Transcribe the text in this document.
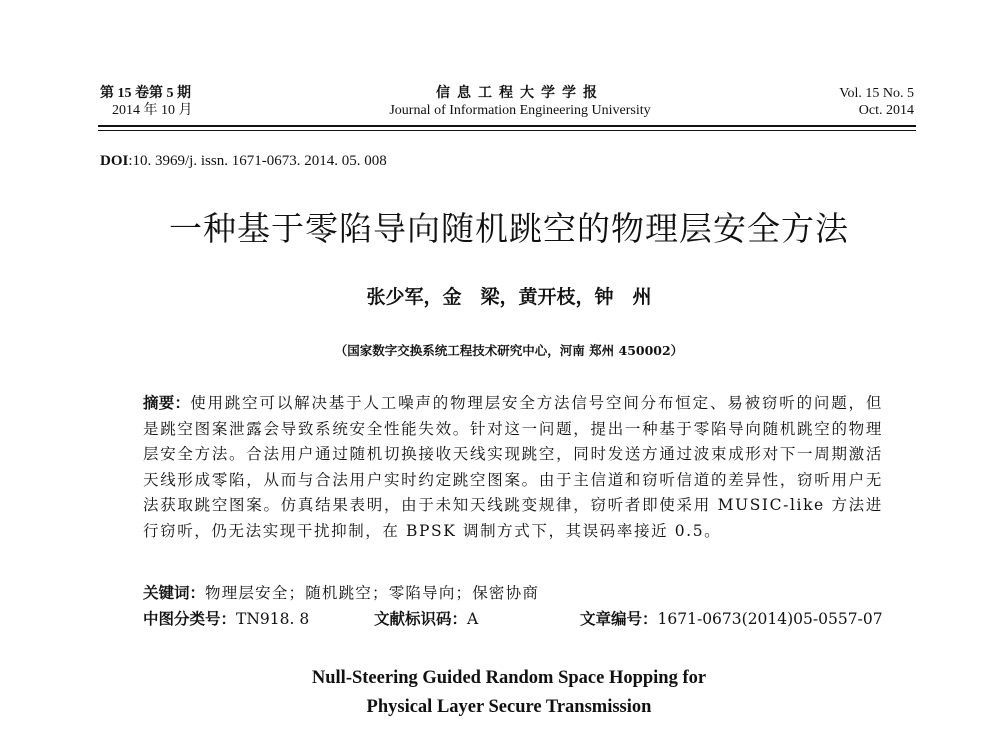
第 15 卷第 5 期
2014 年 10 月
信息工程大学学报
Journal of Information Engineering University
Vol. 15 No. 5
Oct. 2014
DOI:10. 3969/j. issn. 1671-0673. 2014. 05. 008
一种基于零陷导向随机跳空的物理层安全方法
张少军，金　梁，黄开枝，钟　州
（国家数字交换系统工程技术研究中心，河南 郑州 450002）

摘要：使用跳空可以解决基于人工噪声的物理层安全方法信号空间分布恒定、易被窃听的问题，但是跳空图案泄露会导致系统安全性能失效。针对这一问题，提出一种基于零陷导向随机跳空的物理层安全方法。合法用户通过随机切换接收天线实现跳空，同时发送方通过波束成形对下一周期激活天线形成零陷，从而与合法用户实时约定跳空图案。由于主信道和窃听信道的差异性，窃听用户无法获取跳空图案。仿真结果表明，由于未知天线跳变规律，窃听者即使采用 MUSIC-like 方法进行窃听，仍无法实现干扰抑制，在 BPSK 调制方式下，其误码率接近 0.5。

关键词：物理层安全；随机跳空；零陷导向；保密协商
中图分类号：TN918. 8	文献标识码：A	文章编号：1671-0673(2014)05-0557-07
Null-Steering Guided Random Space Hopping for
Physical Layer Secure Transmission
